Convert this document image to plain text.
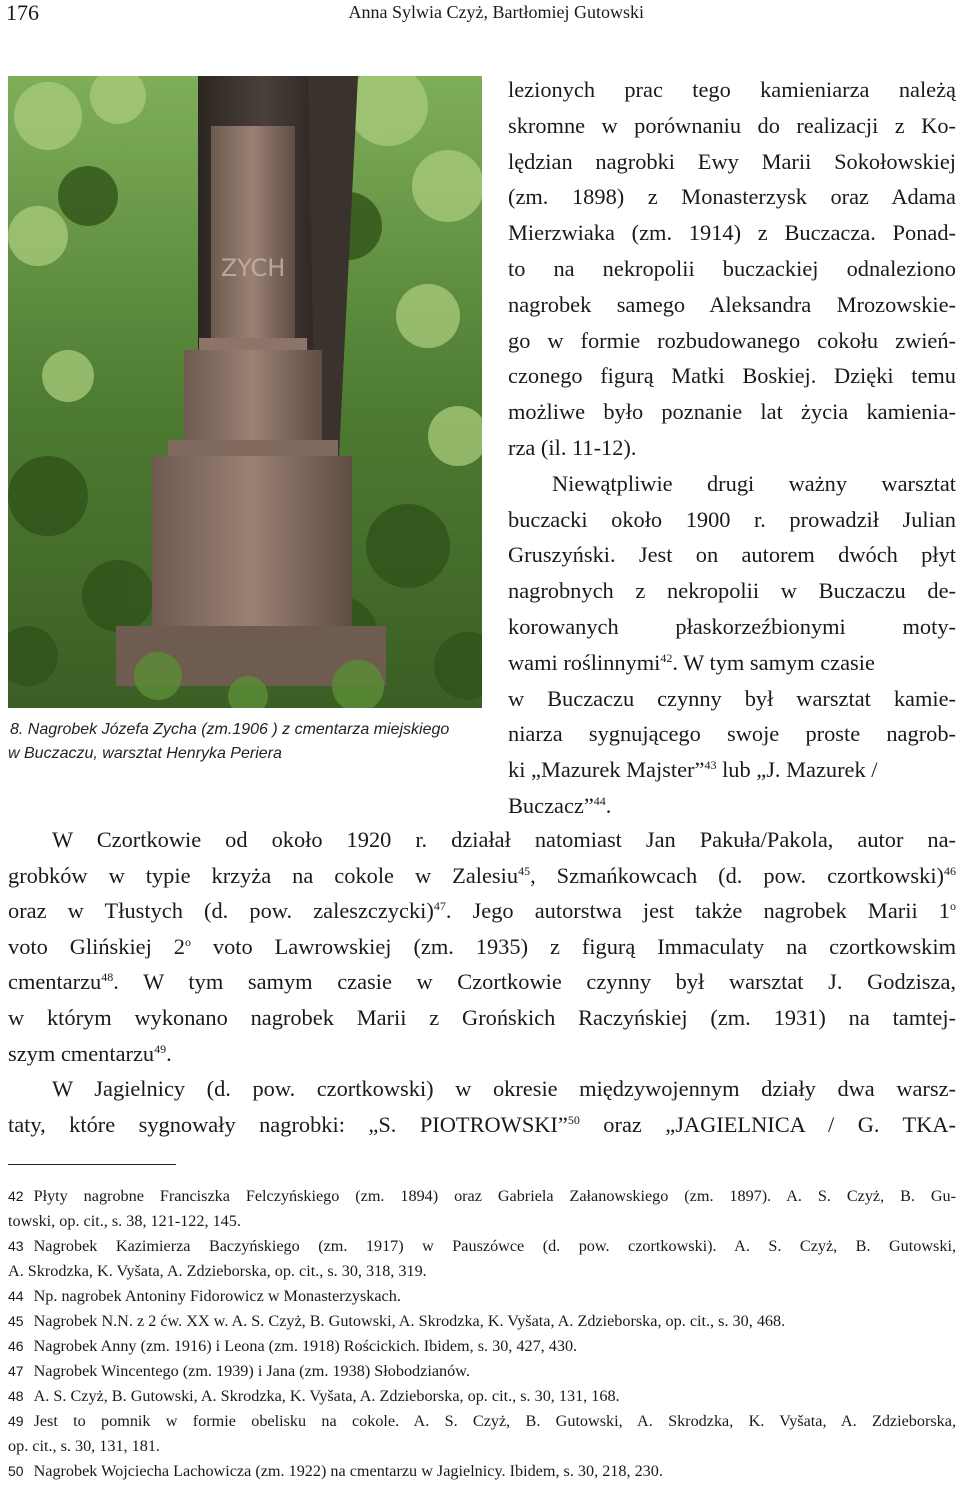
176	Anna Sylwia Czyż, Bartłomiej Gutowski
ZYCH
8. Nagrobek Józefa Zycha (zm.1906 ) z cmentarza miejskiego
w Buczaczu, warsztat Henryka Periera
lezionych prac tego kamieniarza należą
skromne w porównaniu do realizacji z Ko-
lędzian nagrobki Ewy Marii Sokołowskiej
(zm. 1898) z Monasterzysk oraz Adama
Mierzwiaka (zm. 1914) z Buczacza. Ponad-
to na nekropolii buczackiej odnaleziono
nagrobek samego Aleksandra Mrozowskie-
go w formie rozbudowanego cokołu zwień-
czonego figurą Matki Boskiej. Dzięki temu
możliwe było poznanie lat życia kamienia-
rza (il. 11-12).
Niewątpliwie drugi ważny warsztat
buczacki około 1900 r. prowadził Julian
Gruszyński. Jest on autorem dwóch płyt
nagrobnych z nekropolii w Buczaczu de-
korowanych płaskorzeźbionymi moty-
wami roślinnymi$^{42}$. W tym samym czasie
w Buczaczu czynny był warsztat kamie-
niarza sygnującego swoje proste nagrob-
ki „Mazurek Majster”$^{43}$ lub „J. Mazurek /
Buczacz”$^{44}$.
W Czortkowie od około 1920 r. działał natomiast Jan Pakuła/Pakola, autor na-
grobków w typie krzyża na cokole w Zalesiu$^{45}$, Szmańkowcach (d. pow. czortkowski)$^{46}$
oraz w Tłustych (d. pow. zaleszczycki)$^{47}$. Jego autorstwa jest także nagrobek Marii 1$^o$
voto Glińskiej 2$^o$ voto Lawrowskiej (zm. 1935) z figurą Immaculaty na czortkowskim
cmentarzu$^{48}$. W tym samym czasie w Czortkowie czynny był warsztat J. Godzisza,
w którym wykonano nagrobek Marii z Grońskich Raczyńskiej (zm. 1931) na tamtej-
szym cmentarzu$^{49}$.
W Jagielnicy (d. pow. czortkowski) w okresie międzywojennym działy dwa warsz-
taty, które sygnowały nagrobki: „S. PIOTROWSKI”$^{50}$ oraz „JAGIELNICA / G. TKA-
42 Płyty nagrobne Franciszka Felczyńskiego (zm. 1894) oraz Gabriela Załanowskiego (zm. 1897). A. S. Czyż, B. Gu-
towski, op. cit., s. 38, 121-122, 145.
43 Nagrobek Kazimierza Baczyńskiego (zm. 1917) w Pauszówce (d. pow. czortkowski). A. S. Czyż, B. Gutowski,
A. Skrodzka, K. Vyšata, A. Zdzieborska, op. cit., s. 30, 318, 319.
44 Np. nagrobek Antoniny Fidorowicz w Monasterzyskach.
45 Nagrobek N.N. z 2 ćw. XX w. A. S. Czyż, B. Gutowski, A. Skrodzka, K. Vyšata, A. Zdzieborska, op. cit., s. 30, 468.
46 Nagrobek Anny (zm. 1916) i Leona (zm. 1918) Rościckich. Ibidem, s. 30, 427, 430.
47 Nagrobek Wincentego (zm. 1939) i Jana (zm. 1938) Słobodzianów.
48 A. S. Czyż, B. Gutowski, A. Skrodzka, K. Vyšata, A. Zdzieborska, op. cit., s. 30, 131, 168.
49 Jest to pomnik w formie obelisku na cokole. A. S. Czyż, B. Gutowski, A. Skrodzka, K. Vyšata, A. Zdzieborska,
op. cit., s. 30, 131, 181.
50 Nagrobek Wojciecha Lachowicza (zm. 1922) na cmentarzu w Jagielnicy. Ibidem, s. 30, 218, 230.
